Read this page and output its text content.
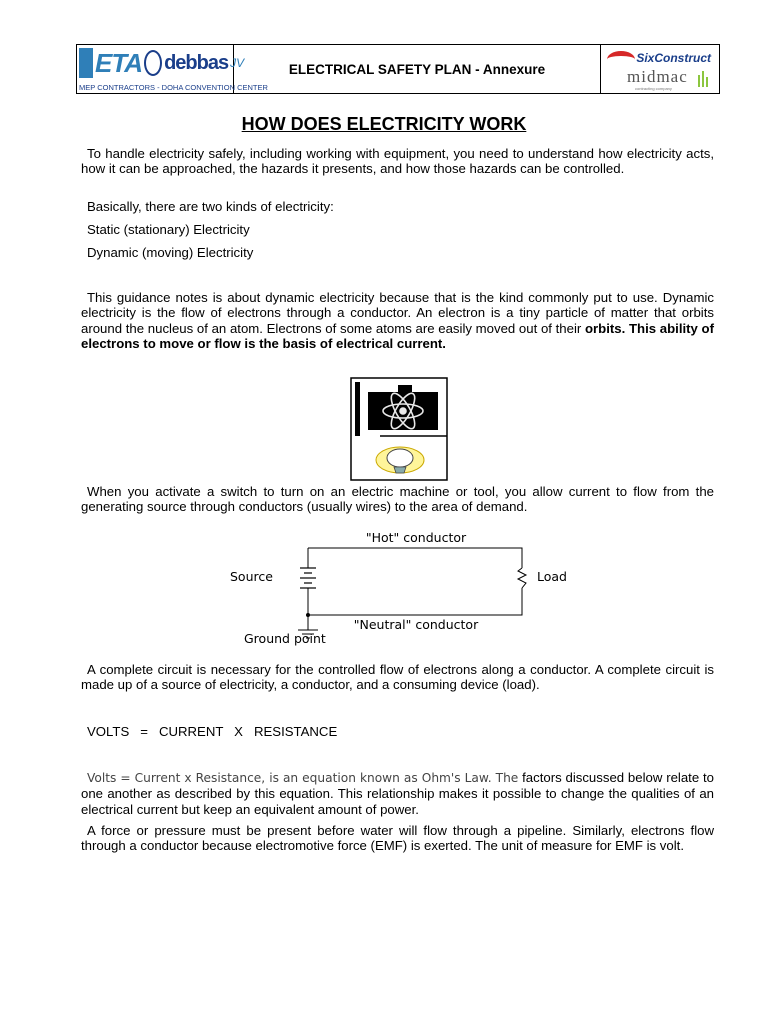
ETA debbas JV
MEP CONTRACTORS - DOHA CONVENTION CENTER
ELECTRICAL SAFETY PLAN - Annexure
SixConstruct
midmac
contracting company
HOW DOES ELECTRICITY WORK

To handle electricity safely, including working with equipment, you need to understand how electricity acts, how it can be approached, the hazards it presents, and how those hazards can be controlled.

Basically, there are two kinds of electricity:

Static (stationary) Electricity

Dynamic (moving) Electricity

This guidance notes is about dynamic electricity because that is the kind commonly put to use. Dynamic electricity is the flow of electrons through a conductor. An electron is a tiny particle of matter that orbits around the nucleus of an atom. Electrons of some atoms are easily moved out of their orbits. This ability of electrons to move or flow is the basis of electrical current.

When you activate a switch to turn on an electric machine or tool, you allow current to flow from the generating source through conductors (usually wires) to the area of demand.

"Hot" conductor
Source	Load
"Neutral" conductor
Ground point

A complete circuit is necessary for the controlled flow of electrons along a conductor. A complete circuit is made up of a source of electricity, a conductor, and a consuming device (load).

VOLTS   =   CURRENT   X   RESISTANCE

Volts = Current x Resistance, is an equation known as Ohm's Law. The factors discussed below relate to one another as described by this equation. This relationship makes it possible to change the qualities of an electrical current but keep an equivalent amount of power.

A force or pressure must be present before water will flow through a pipeline. Similarly, electrons flow through a conductor because electromotive force (EMF) is exerted. The unit of measure for EMF is volt.
